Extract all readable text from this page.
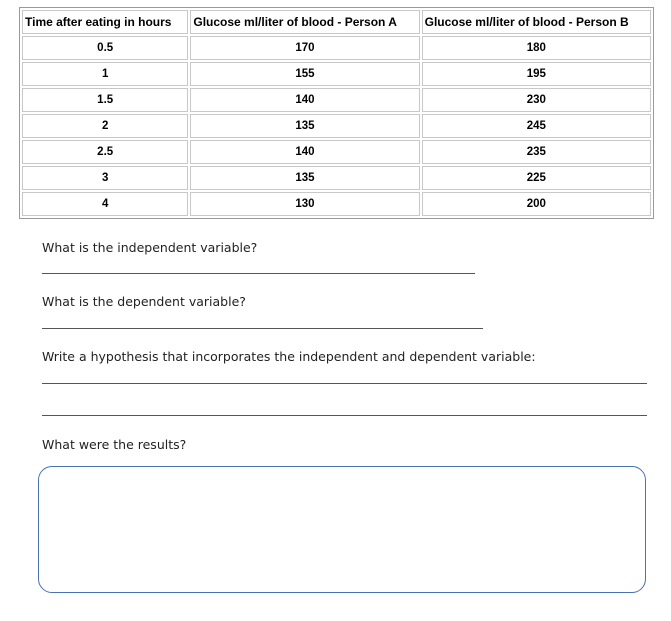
Time after eating in hours	Glucose ml/liter of blood - Person A	Glucose ml/liter of blood - Person B
0.5	170	180
1	155	195
1.5	140	230
2	135	245
2.5	140	235
3	135	225
4	130	200
What is the independent variable?
What is the dependent variable?
Write a hypothesis that incorporates the independent and dependent variable:
What were the results?
